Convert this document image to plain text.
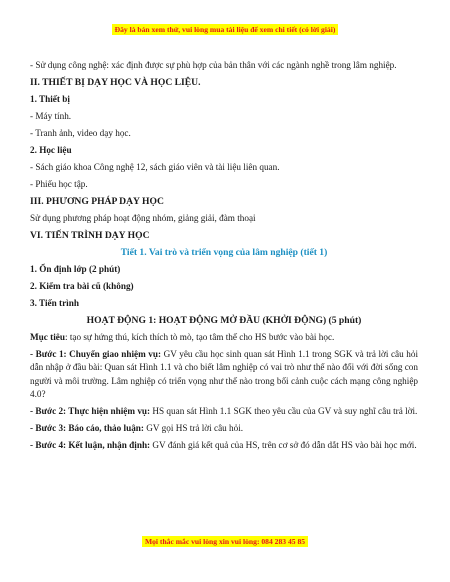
Đây là bản xem thử, vui lòng mua tài liệu để xem chi tiết (có lời giải)

- Sử dụng công nghệ: xác định được sự phù hợp của bản thân với các ngành nghề trong lâm nghiệp.

II. THIẾT BỊ DẠY HỌC VÀ HỌC LIỆU.

1. Thiết bị

- Máy tính.

- Tranh ảnh, video dạy học.

2. Học liệu

- Sách giáo khoa Công nghệ 12, sách giáo viên và tài liệu liên quan.

- Phiếu học tập.

III. PHƯƠNG PHÁP DẠY HỌC

Sử dụng phương pháp hoạt động nhóm, giảng giải, đàm thoại

VI. TIẾN TRÌNH DẠY HỌC

Tiết 1. Vai trò và triển vọng của lâm nghiệp (tiết 1)

1. Ổn định lớp (2 phút)

2. Kiểm tra bài cũ (không)

3. Tiến trình

HOẠT ĐỘNG 1: HOẠT ĐỘNG MỞ ĐẦU (KHỞI ĐỘNG) (5 phút)

Mục tiêu: tạo sự hứng thú, kích thích tò mò, tạo tâm thế cho HS bước vào bài học.

- Bước 1: Chuyển giao nhiệm vụ: GV yêu cầu học sinh quan sát Hình 1.1 trong SGK và trả lời câu hỏi dẫn nhập ở đầu bài: Quan sát Hình 1.1 và cho biết lâm nghiệp có vai trò như thế nào đối với đời sống con người và môi trường. Lâm nghiệp có triển vọng như thế nào trong bối cảnh cuộc cách mạng công nghiệp 4.0?

- Bước 2: Thực hiện nhiệm vụ: HS quan sát Hình 1.1 SGK theo yêu cầu của GV và suy nghĩ câu trả lời.

- Bước 3: Báo cáo, thảo luận: GV gọi HS trả lời câu hỏi.

- Bước 4: Kết luận, nhận định: GV đánh giá kết quả của HS, trên cơ sở đó dẫn dắt HS vào bài học mới.

Mọi thắc mắc vui lòng xin vui lòng: 084 283 45 85
